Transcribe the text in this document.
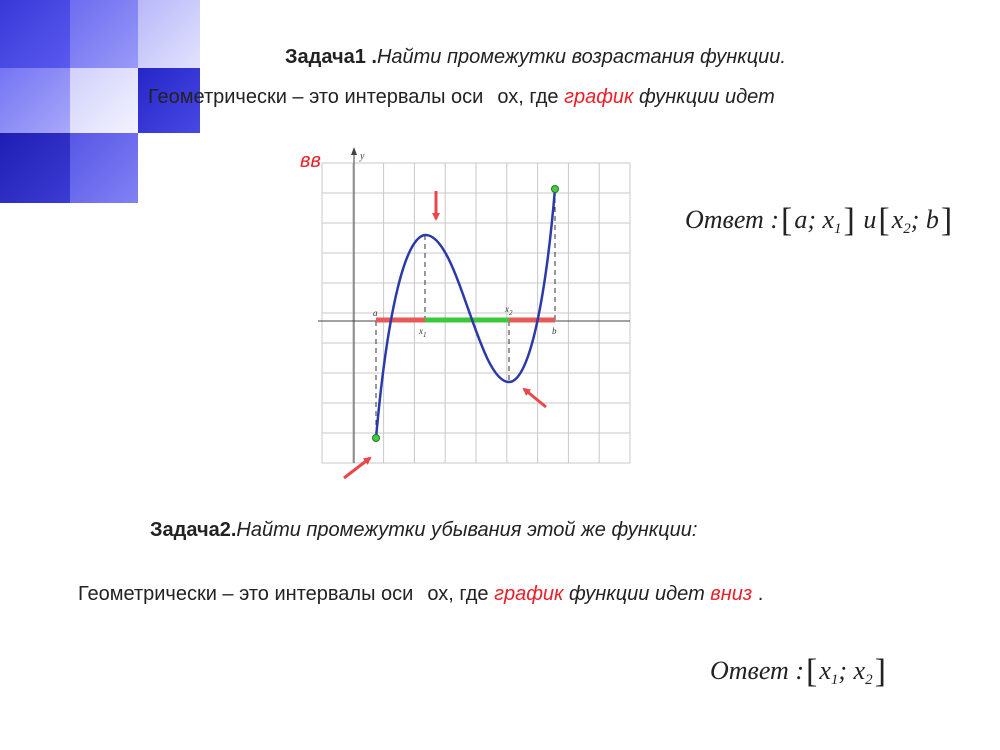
Задача1 .Найти промежутки возрастания функции.
Геометрически – это интервалы оси ох, где график функции идет
вв	y
a
$x_1$
$x_2$
b
Ответ :[a; $x_1$] $u[x_2$; b]
Задача2.Найти промежутки убывания этой же функции:
Геометрически – это интервалы оси ох, где график функции идет вниз .
Ответ $:[x_1$; $x_2$]
